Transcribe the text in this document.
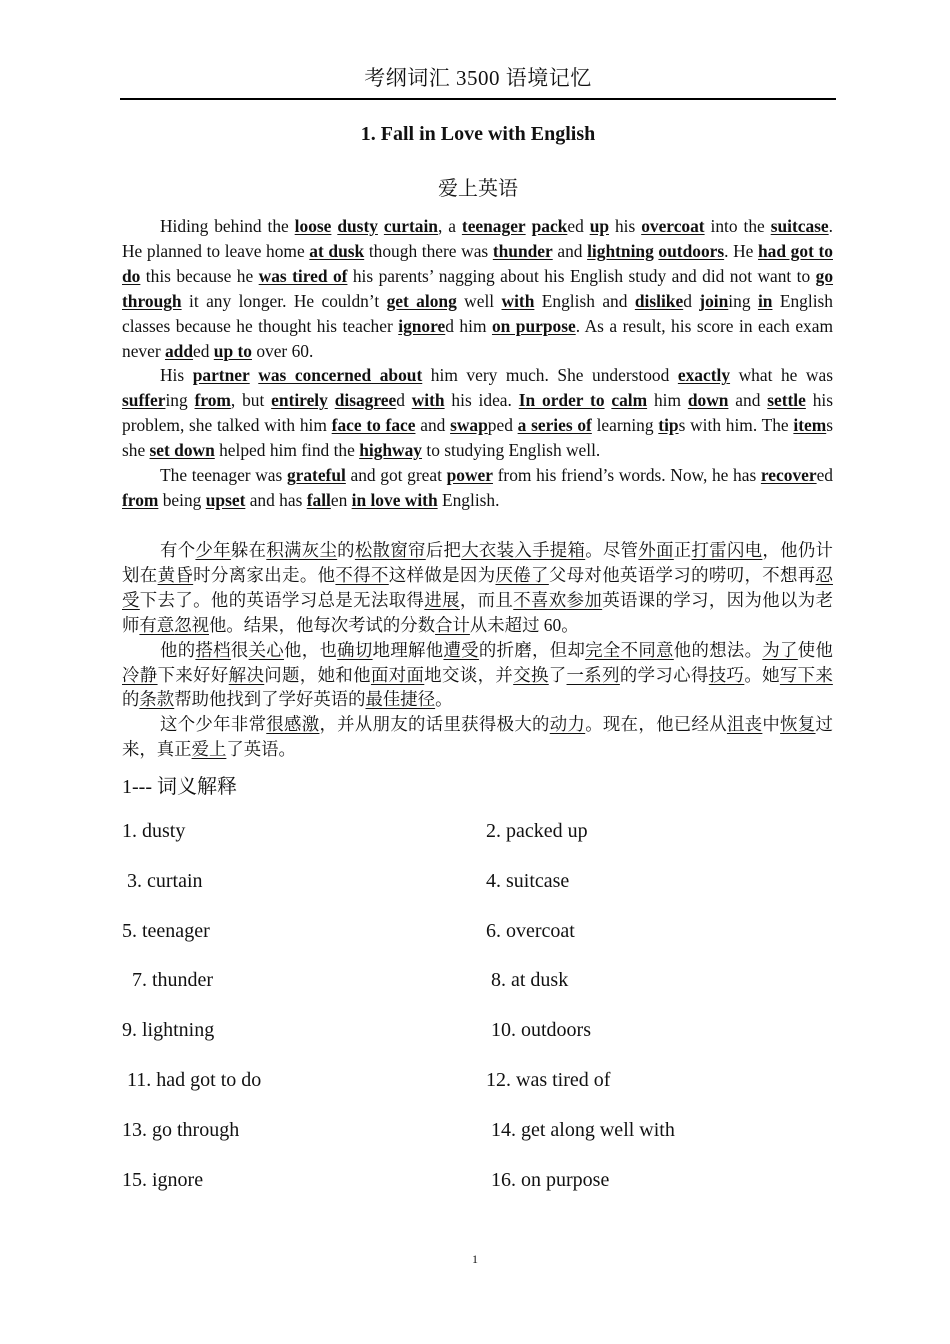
考纲词汇 3500 语境记忆
1. Fall in Love with English
爱上英语

Hiding behind the loose dusty curtain, a teenager packed up his overcoat into the suitcase. He planned to leave home at dusk though there was thunder and lightning outdoors. He had got to do this because he was tired of his parents’ nagging about his English study and did not want to go through it any longer. He couldn’t get along well with English and disliked joining in English classes because he thought his teacher ignored him on purpose. As a result, his score in each exam never added up to over 60.

His partner was concerned about him very much. She understood exactly what he was suffering from, but entirely disagreed with his idea. In order to calm him down and settle his problem, she talked with him face to face and swapped a series of learning tips with him. The items she set down helped him find the highway to studying English well.

The teenager was grateful and got great power from his friend’s words. Now, he has recovered from being upset and has fallen in love with English.

有个少年躲在积满灰尘的松散窗帘后把大衣装入手提箱。尽管外面正打雷闪电，他仍计划在黄昏时分离家出走。他不得不这样做是因为厌倦了父母对他英语学习的唠叨，不想再忍受下去了。他的英语学习总是无法取得进展，而且不喜欢参加英语课的学习，因为他以为老师有意忽视他。结果，他每次考试的分数合计从未超过 60。

他的搭档很关心他，也确切地理解他遭受的折磨，但却完全不同意他的想法。为了使他冷静下来好好解决问题，她和他面对面地交谈，并交换了一系列的学习心得技巧。她写下来的条款帮助他找到了学好英语的最佳捷径。

这个少年非常很感激，并从朋友的话里获得极大的动力。现在，他已经从沮丧中恢复过来，真正爱上了英语。

1--- 词义解释
1. dusty	2. packed up
3. curtain	4. suitcase
5. teenager	6. overcoat
7. thunder	8. at dusk
9. lightning	10. outdoors
11. had got to do	12. was tired of
13. go through	14. get along well with
15. ignore	16. on purpose
1
